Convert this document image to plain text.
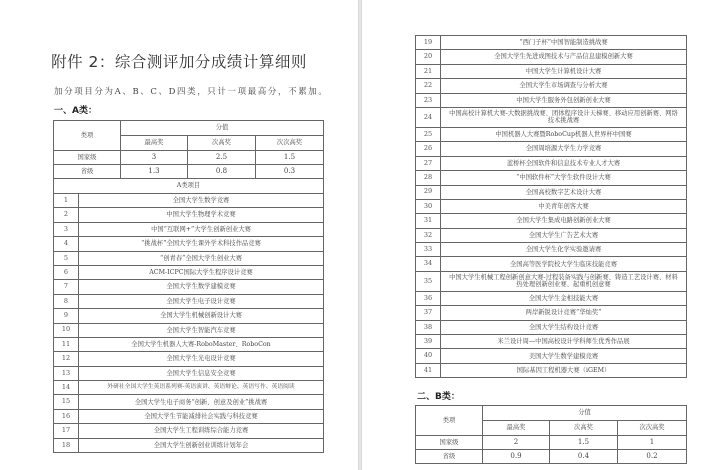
附件 2：综合测评加分成绩计算细则
加分项目分为A、B、C、D四类，只计一项最高分，不累加。
一、A类：
二、B类：
类项	分值		
	最高奖	次高奖	次次高奖
国家级	3	2.5	1.5
省级	1.3	0.8	0.3
A类项目	
1	全国大学生数学竞赛
2	中国大学生物理学术竞赛
3	中国“互联网+”大学生创新创业大赛
4	“挑战杯”全国大学生课外学术科技作品竞赛
5	“创青春”全国大学生创业大赛
6	ACM-ICPC国际大学生程序设计竞赛
7	全国大学生数学建模竞赛
8	全国大学生电子设计竞赛
9	全国大学生机械创新设计大赛
10	全国大学生智能汽车竞赛
11	全国大学生机器人大赛-RoboMaster、RoboCon
12	全国大学生光电设计竞赛
13	全国大学生信息安全竞赛
14	外研社全国大学生英语系列赛-英语演讲、英语辩论、英语写作、英语阅读
15	全国大学生电子商务“创新、创意及创业”挑战赛
16	全国大学生节能减排社会实践与科技竞赛
17	全国大学生工程训练综合能力竞赛
18	全国大学生创新创业训练计划年会
19	“西门子杯”中国智能制造挑战赛
20	全国大学生先进成图技术与产品信息建模创新大赛
21	中国大学生计算机设计大赛
22	全国大学生市场调查与分析大赛
23	中国大学生服务外包创新创业大赛
24	中国高校计算机大赛-大数据挑战赛、团体程序设计天梯赛、移动应用创新赛、网络技术挑战赛
25	中国机器人大赛暨RoboCup机器人世界杯中国赛
26	全国周培源大学生力学竞赛
27	蓝桥杯全国软件和信息技术专业人才大赛
28	“中国软件杯”大学生软件设计大赛
29	全国高校数字艺术设计大赛
30	中美青年创客大赛
31	全国大学生集成电路创新创业大赛
32	全国大学生广告艺术大赛
33	全国大学生化学实验邀请赛
34	全国高等医学院校大学生临床技能竞赛
35	中国大学生机械工程创新创意大赛-过程装备实践与创新赛、铸造工艺设计赛、材料热处理创新创业赛、起重机创意赛
36	全国大学生金相技能大赛
37	两岸新锐设计竞赛“华灿奖”
38	全国大学生结构设计竞赛
39	米兰设计周—中国高校设计学科师生优秀作品展
40	美国大学生数学建模竞赛
41	国际基因工程机器大赛（iGEM）
类项	分值		
	最高奖	次高奖	次次高奖
国家级	2	1.5	1
省级	0.9	0.4	0.2
